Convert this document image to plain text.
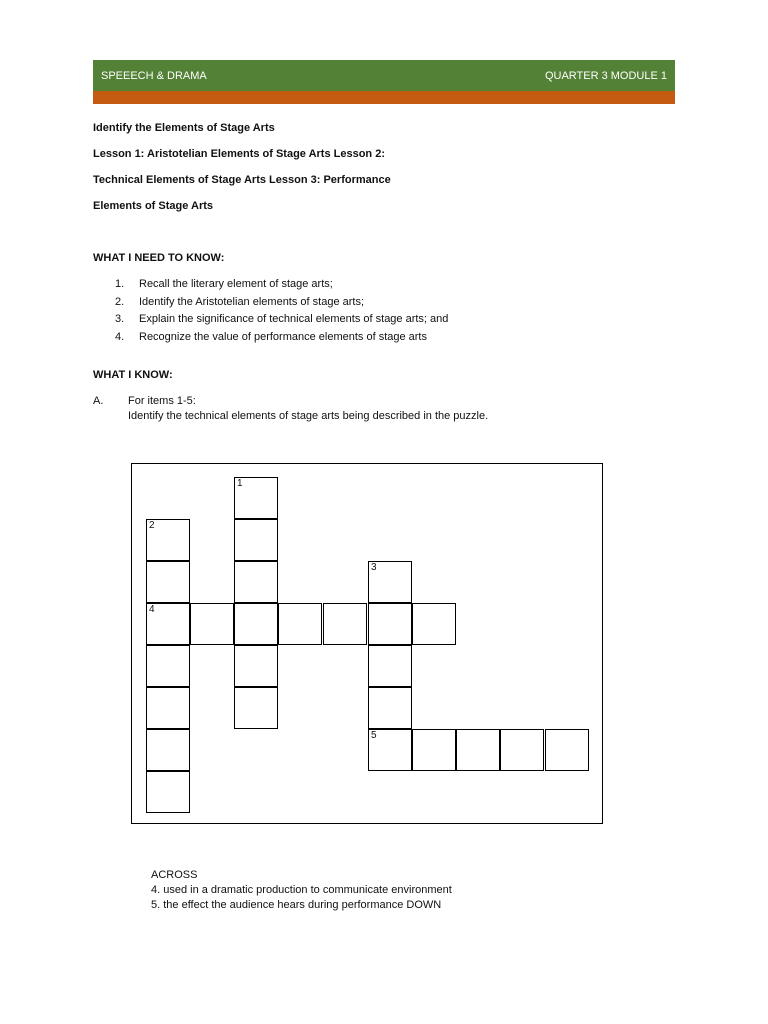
SPEEECH & DRAMA	QUARTER 3 MODULE 1
Identify the Elements of Stage Arts
Lesson 1: Aristotelian Elements of Stage Arts Lesson 2:
Technical Elements of Stage Arts Lesson 3: Performance
Elements of Stage Arts
WHAT I NEED TO KNOW:
1.	Recall the literary element of stage arts;
2.	Identify the Aristotelian elements of stage arts;
3.	Explain the significance of technical elements of stage arts; and
4.	Recognize the value of performance elements of stage arts
WHAT I KNOW:
A. For items 1-5:
Identify the technical elements of stage arts being described in the puzzle.
1
2
4
3
5
ACROSS
4. used in a dramatic production to communicate environment
5. the effect the audience hears during performance DOWN
